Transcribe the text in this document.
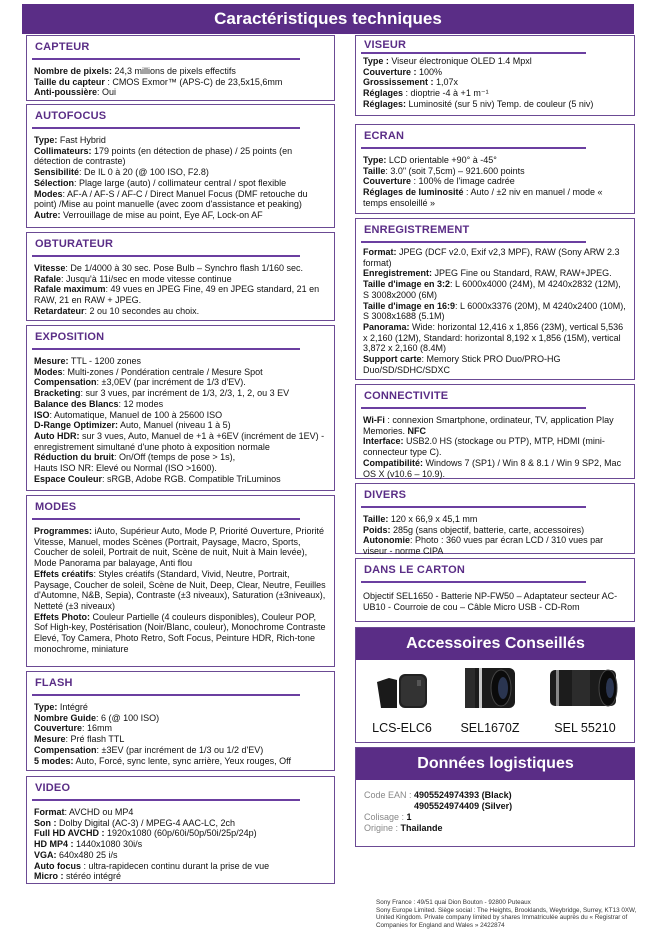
Caractéristiques techniques
CAPTEUR

Nombre de pixels: 24,3 millions de pixels effectifs

Taille du capteur : CMOS Exmor™ (APS-C) de 23,5x15,6mm

Anti-poussière: Oui

AUTOFOCUS

Type: Fast Hybrid

Collimateurs: 179 points (en détection de phase) / 25 points (en détection de contraste)

Sensibilité: De IL 0 à 20 (@ 100 ISO, F2.8)

Sélection: Plage large (auto) / collimateur central / spot flexible

Modes: AF-A / AF-S / AF-C / Direct Manuel Focus (DMF retouche du point) /Mise au point manuelle (avec zoom d'assistance et peaking)

Autre: Verrouillage de mise au point, Eye AF, Lock-on AF

OBTURATEUR

Vitesse: De 1/4000 à 30 sec. Pose Bulb – Synchro flash 1/160 sec.

Rafale: Jusqu'à 11i/sec en mode vitesse continue

Rafale maximum: 49 vues en JPEG Fine, 49 en JPEG standard, 21 en RAW, 21 en RAW + JPEG.

Retardateur: 2 ou 10 secondes au choix.

EXPOSITION

Mesure: TTL - 1200 zones

Modes: Multi-zones / Pondération centrale / Mesure Spot

Compensation: ±3,0EV (par incrément de 1/3 d'EV).

Bracketing: sur 3 vues, par incrément de 1/3, 2/3, 1, 2, ou 3 EV

Balance des Blancs: 12 modes

ISO: Automatique, Manuel de 100 à 25600 ISO

D-Range Optimizer: Auto, Manuel (niveau 1 à 5)

Auto HDR: sur 3 vues, Auto, Manuel de +1 à +6EV (incrément de 1EV) -enregistrement simultané d'une photo à exposition normale

Réduction du bruit: On/Off (temps de pose > 1s),

Hauts ISO NR: Elevé ou Normal (ISO >1600).

Espace Couleur: sRGB, Adobe RGB. Compatible TriLuminos

MODES

Programmes: iAuto, Supérieur Auto, Mode P, Priorité Ouverture, Priorité Vitesse, Manuel, modes Scènes (Portrait, Paysage, Macro, Sports, Coucher de soleil, Portrait de nuit, Scène de nuit, Nuit à Main levée), Mode Panorama par balayage, Anti flou

Effets créatifs: Styles créatifs (Standard, Vivid, Neutre, Portrait, Paysage, Coucher de soleil, Scène de Nuit, Deep, Clear, Neutre, Feuilles d'Automne, N&B, Sepia), Contraste (±3 niveaux), Saturation (±3niveaux), Netteté (±3 niveaux)

Effets Photo: Couleur Partielle (4 couleurs disponibles), Couleur POP, Sof High-key, Postérisation (Noir/Blanc, couleur), Monochrome Contraste Elevé, Toy Camera, Photo Retro, Soft Focus, Peinture HDR, Rich-tone monochrome, miniature

FLASH

Type: Intégré

Nombre Guide: 6 (@ 100 ISO)

Couverture: 16mm

Mesure: Pré flash TTL

Compensation: ±3EV (par incrément de 1/3 ou 1/2 d'EV)

5 modes: Auto, Forcé, sync lente, sync arrière, Yeux rouges, Off

VIDEO

Format: AVCHD ou MP4

Son : Dolby Digital (AC-3) / MPEG-4 AAC-LC, 2ch

Full HD AVCHD : 1920x1080 (60p/60i/50p/50i/25p/24p)

HD MP4 : 1440x1080 30i/s

VGA: 640x480 25 i/s

Auto focus : ultra-rapidecen continu durant la prise de vue

Micro : stéréo intégré

VISEUR

Type : Viseur électronique OLED 1.4 Mpxl

Couverture : 100%

Grossissement : 1,07x

Réglages : dioptrie -4 à +1 m⁻¹

Réglages: Luminosité (sur 5 niv) Temp. de couleur (5 niv)

ECRAN

Type: LCD orientable +90° à -45°

Taille: 3.0" (soit 7,5cm) – 921.600 points

Couverture : 100% de l'image cadrée

Réglages de luminosité : Auto / ±2 niv en manuel / mode « temps ensoleillé »

ENREGISTREMENT

Format: JPEG (DCF v2.0, Exif v2,3 MPF), RAW (Sony ARW 2.3 format)

Enregistrement: JPEG Fine ou Standard, RAW, RAW+JPEG.

Taille d'image en 3:2: L 6000x4000 (24M), M 4240x2832 (12M), S 3008x2000 (6M)

Taille d'image en 16:9: L 6000x3376 (20M), M 4240x2400 (10M), S 3008x1688 (5.1M)

Panorama: Wide: horizontal 12,416 x 1,856 (23M), vertical 5,536 x 2,160 (12M), Standard: horizontal 8,192 x 1,856 (15M), vertical 3,872 x 2,160 (8.4M)

Support carte: Memory Stick PRO Duo/PRO-HG Duo/SD/SDHC/SDXC

CONNECTIVITE

Wi-Fi : connexion Smartphone, ordinateur, TV, application Play Memories. NFC

Interface: USB2.0 HS (stockage ou PTP), MTP, HDMI (mini-connecteur type C).

Compatibilité: Windows 7 (SP1) / Win 8 & 8.1 / Win 9 SP2, Mac OS X (v10.6 – 10.9).

DIVERS

Taille: 120 x 66,9 x 45,1 mm

Poids: 285g (sans objectif, batterie, carte, accessoires)

Autonomie: Photo : 360 vues par écran LCD / 310 vues par viseur - norme CIPA

DANS LE CARTON
Objectif SEL1650 - Batterie NP-FW50 – Adaptateur secteur AC-UB10 - Courroie de cou – Câble Micro USB - CD-Rom
Accessoires Conseillés
LCS-ELC6	SEL1670Z	SEL 55210
Données logistiques
Code EAN : 4905524974393 (Black)
4905524974409 (Silver)
Colisage : 1
Origine : Thailande
Sony France : 49/51 quai Dion Bouton - 92800 Puteaux
Sony Europe Limited. Siège social : The Heights, Brooklands, Weybridge, Surrey, KT13 0XW, United Kingdom. Private company limited by shares Immatriculée auprès du « Registrar of Companies for England and Wales » 2422874
